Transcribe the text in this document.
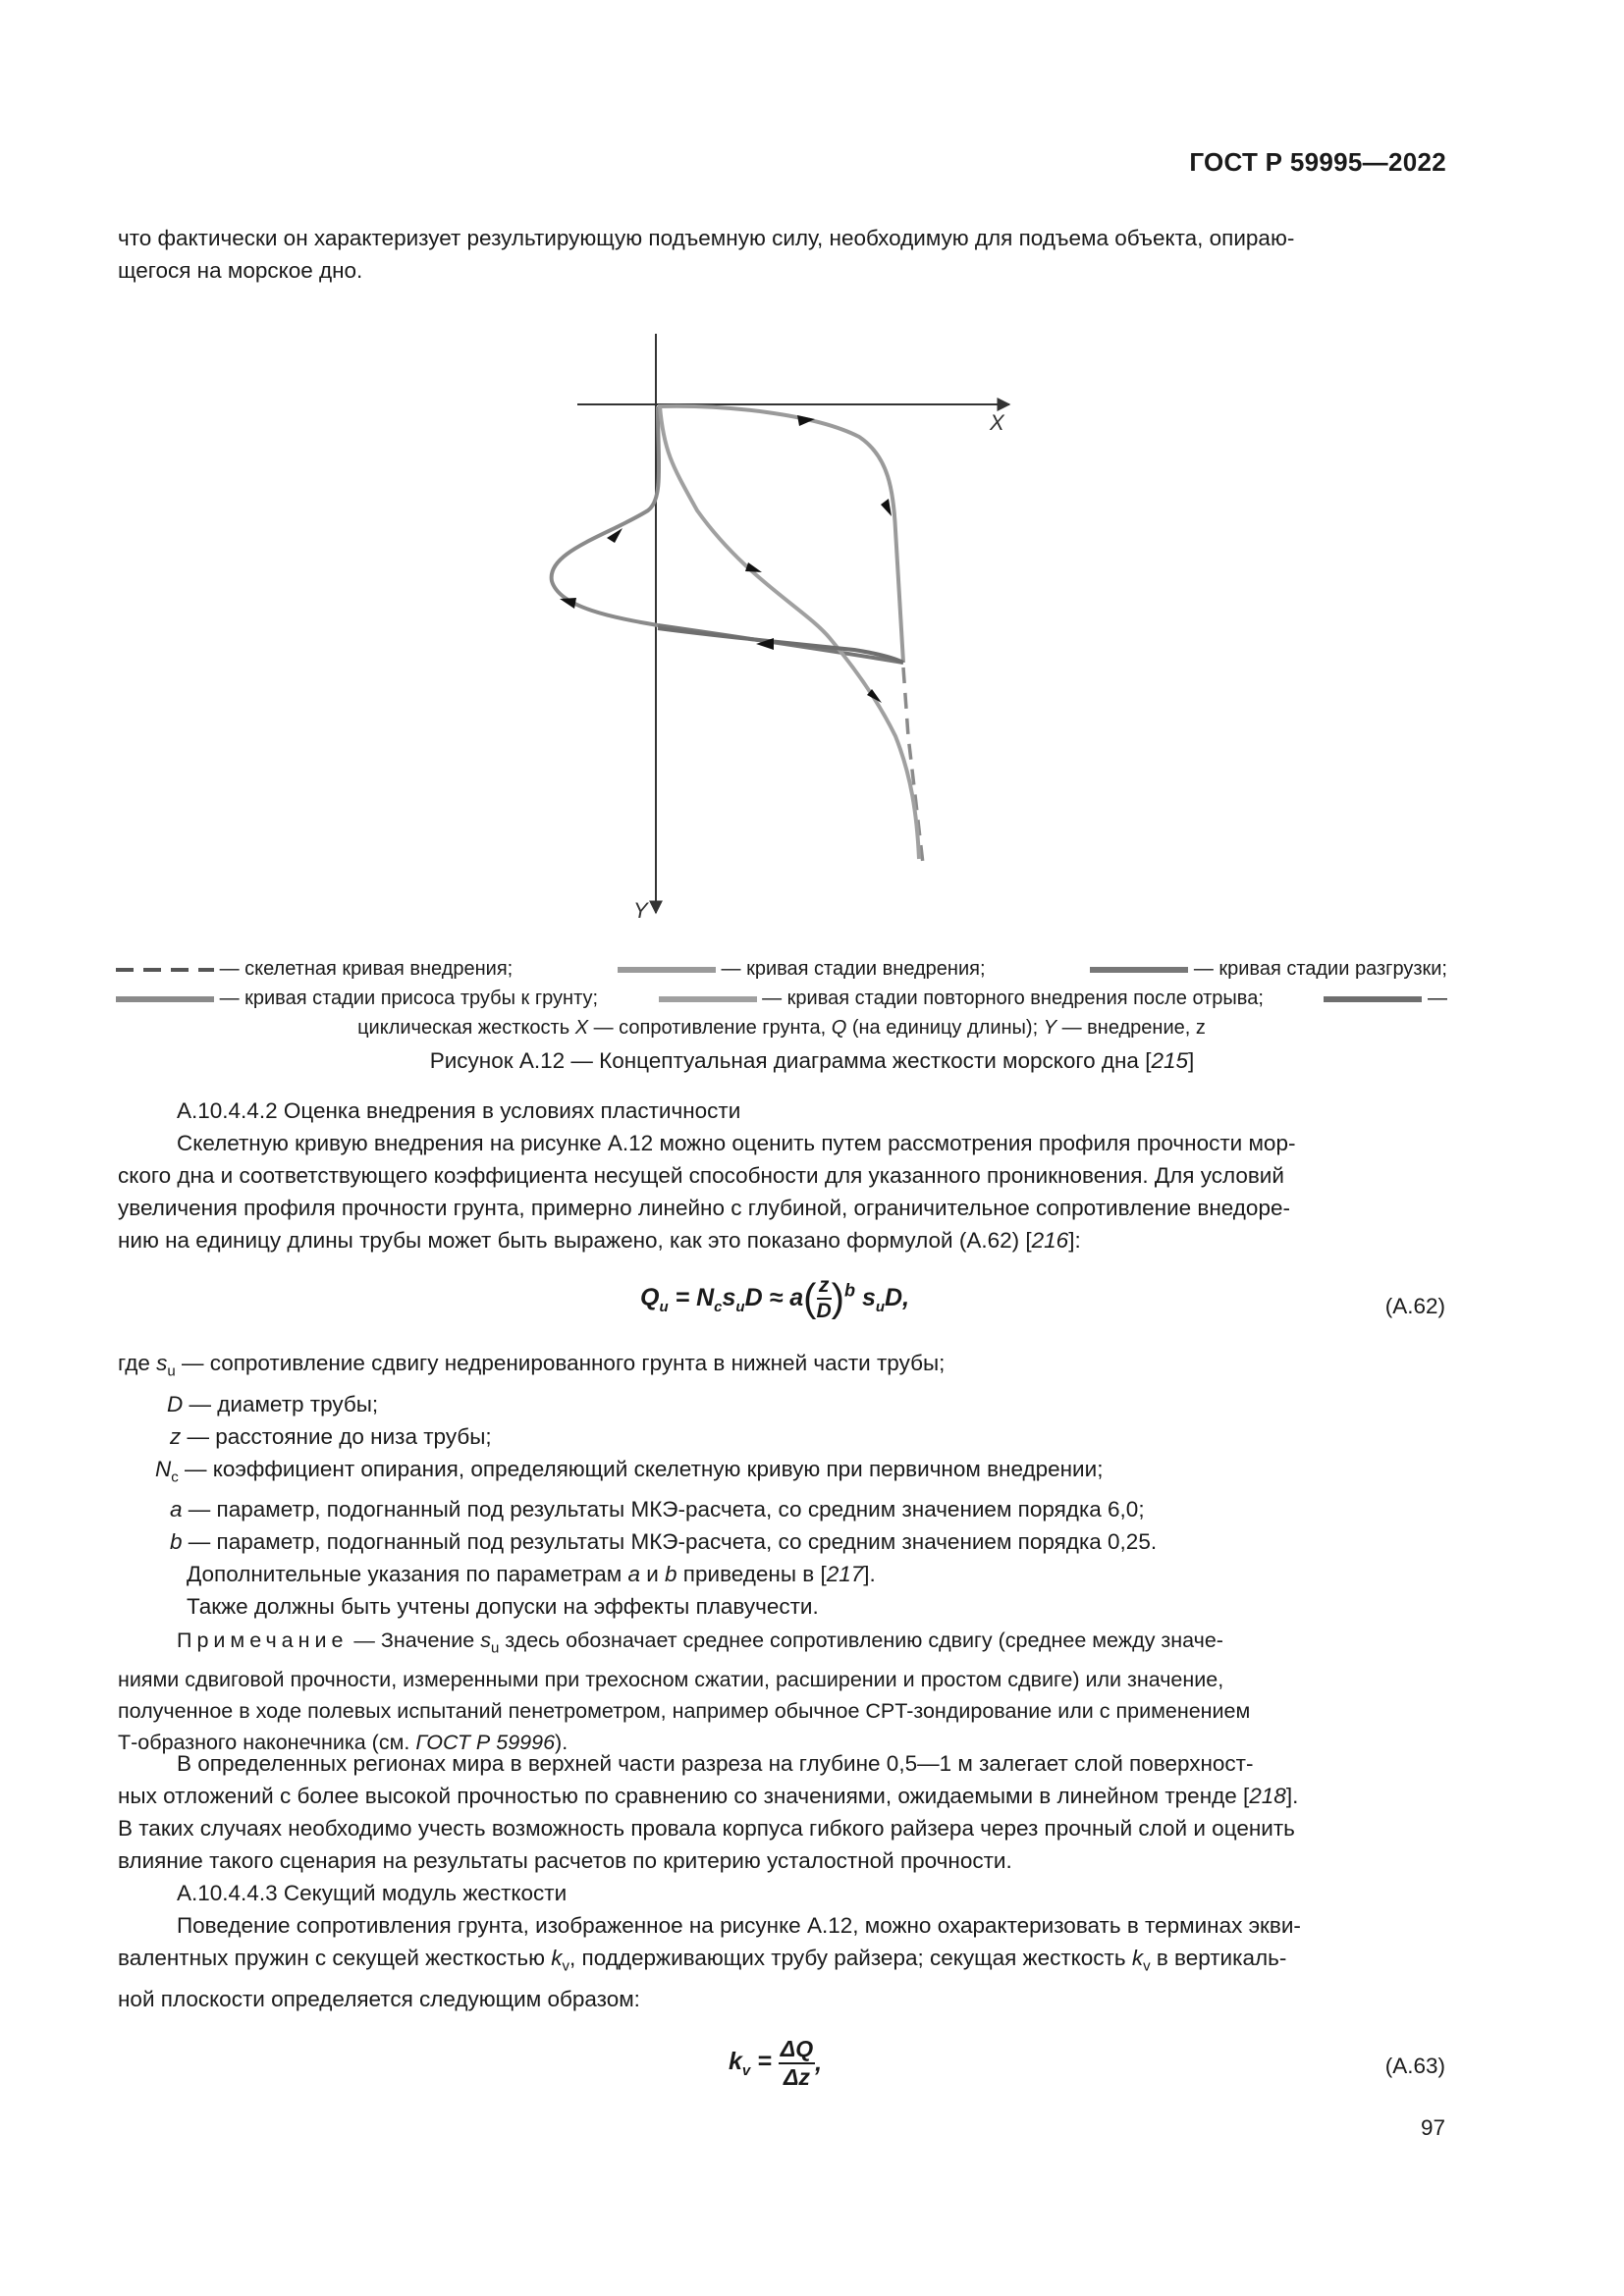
ГОСТ Р 59995—2022
что фактически он характеризует результирующую подъемную силу, необходимую для подъема объекта, опираю-
щегося на морское дно.
X
Y
— скелетная кривая внедрения;	— кривая стадии внедрения;	— кривая стадии разгрузки;
— кривая стадии присоса трубы к грунту;	— кривая стадии повторного внедрения после отрыва;	—
циклическая жесткость X — сопротивление грунта, Q (на единицу длины); Y — внедрение, z
Рисунок А.12 — Концептуальная диаграмма жесткости морского дна [215]
А.10.4.4.2 Оценка внедрения в условиях пластичности
Скелетную кривую внедрения на рисунке А.12 можно оценить путем рассмотрения профиля прочности мор-
ского дна и соответствующего коэффициента несущей способности для указанного проникновения. Для условий
увеличения профиля прочности грунта, примерно линейно с глубиной, ограничительное сопротивление внедоре-
нию на единицу длины трубы может быть выражено, как это показано формулой (А.62) [216]:
$Q_u = N_cs_uD \approx a( \frac{z}{D} )^b$ $s_uD$,	(А.62)
где $s_u$ — сопротивление сдвигу недренированного грунта в нижней части трубы;
D — диаметр трубы;
z — расстояние до низа трубы;
$N_c$ — коэффициент опирания, определяющий скелетную кривую при первичном внедрении;
a — параметр, подогнанный под результаты МКЭ-расчета, со средним значением порядка 6,0;
b — параметр, подогнанный под результаты МКЭ-расчета, со средним значением порядка 0,25.
Дополнительные указания по параметрам a и b приведены в [217].
Также должны быть учтены допуски на эффекты плавучести.
Примечание — Значение $s_u$ здесь обозначает среднее сопротивлению сдвигу (среднее между значе-
ниями сдвиговой прочности, измеренными при трехосном сжатии, расширении и простом сдвиге) или значение,
полученное в ходе полевых испытаний пенетрометром, например обычное CPT-зондирование или с применением
Т-образного наконечника (см. ГОСТ Р 59996).
В определенных регионах мира в верхней части разреза на глубине 0,5—1 м залегает слой поверхност-
ных отложений с более высокой прочностью по сравнению со значениями, ожидаемыми в линейном тренде [218].
В таких случаях необходимо учесть возможность провала корпуса гибкого райзера через прочный слой и оценить
влияние такого сценария на результаты расчетов по критерию усталостной прочности.
А.10.4.4.3 Секущий модуль жесткости
Поведение сопротивления грунта, изображенное на рисунке А.12, можно охарактеризовать в терминах экви-
валентных пружин с секущей жесткостью $k_v$, поддерживающих трубу райзера; секущая жесткость $k_v$ в вертикаль-
ной плоскости определяется следующим образом:
$k_v = \frac{\Delta Q}{\Delta z}$ ,	(А.63)
97
